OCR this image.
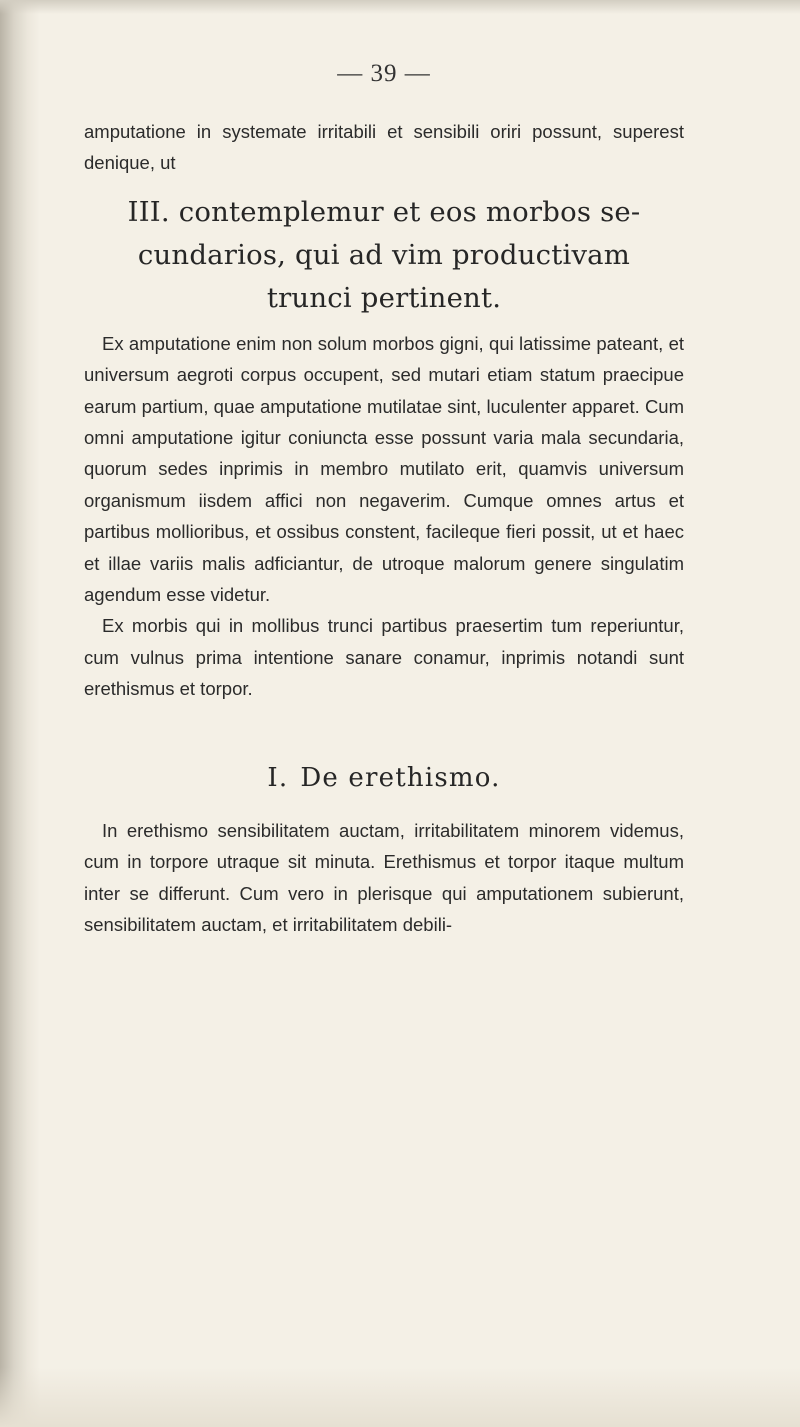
— 39 —

amputatione in systemate irritabili et sensibili oriri possunt, superest denique, ut

III. contemplemur et eos morbos se-
cundarios, qui ad vim productivam
trunci pertinent.

Ex amputatione enim non solum morbos gigni, qui latissime pateant, et universum aegroti corpus occupent, sed mutari etiam statum praecipue earum partium, quae amputatione mutilatae sint, luculenter apparet. Cum omni amputatione igitur coniuncta esse possunt varia mala secundaria, quorum sedes inprimis in membro mutilato erit, quamvis universum organismum iisdem affici non negaverim. Cumque omnes artus et partibus mollioribus, et ossibus constent, facileque fieri possit, ut et haec et illae variis malis adficiantur, de utroque malorum genere singulatim agendum esse videtur.

Ex morbis qui in mollibus trunci partibus praesertim tum reperiuntur, cum vulnus prima intentione sanare conamur, inprimis notandi sunt erethismus et torpor.

I. De erethismo.

In erethismo sensibilitatem auctam, irritabilitatem minorem videmus, cum in torpore utraque sit minuta. Erethismus et torpor itaque multum inter se differunt. Cum vero in plerisque qui amputationem subierunt, sensibilitatem auctam, et irritabilitatem debili-
